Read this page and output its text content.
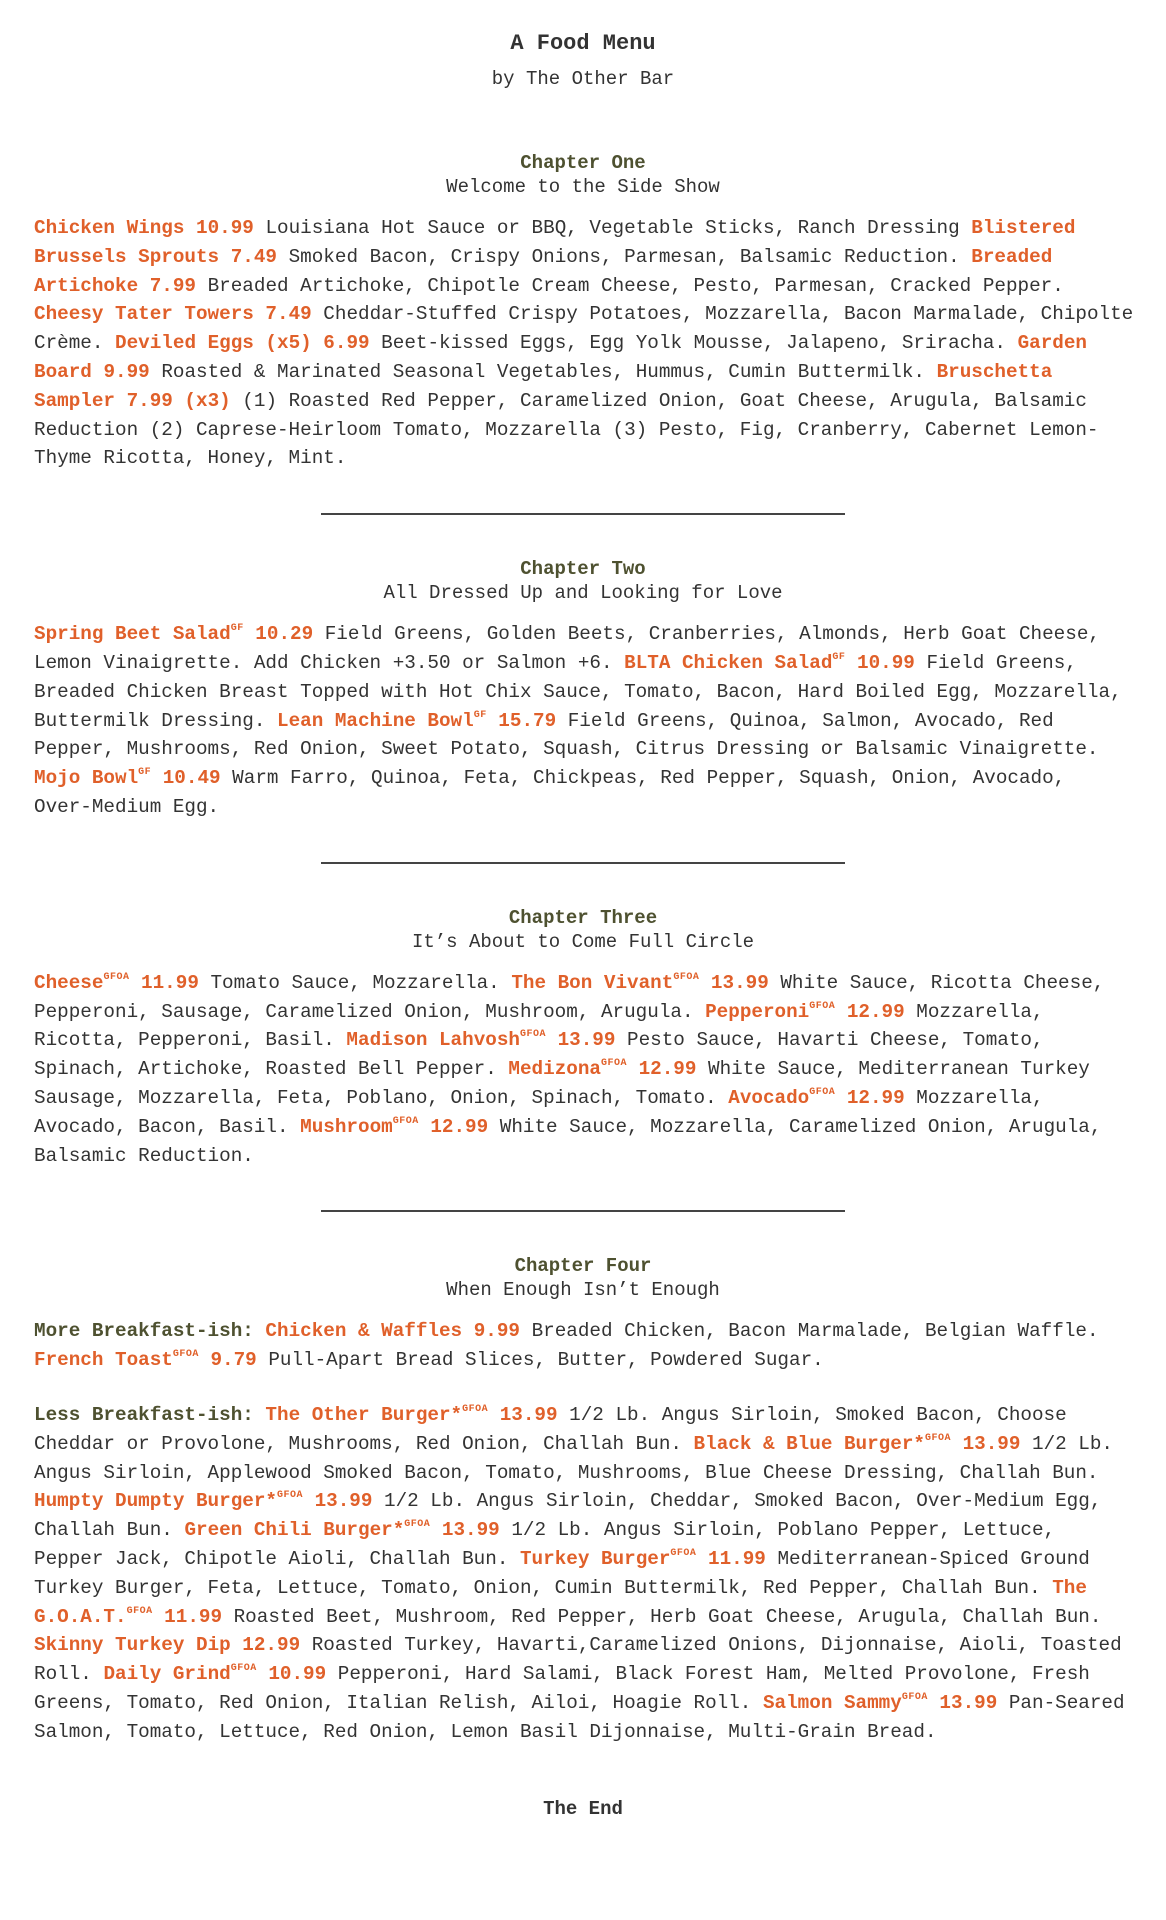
A Food Menu
by The Other Bar
Chapter One
Welcome to the Side Show

Chicken Wings 10.99 Louisiana Hot Sauce or BBQ, Vegetable Sticks, Ranch Dressing Blistered Brussels Sprouts 7.49 Smoked Bacon, Crispy Onions, Parmesan, Balsamic Reduction. Breaded Artichoke 7.99 Breaded Artichoke, Chipotle Cream Cheese, Pesto, Parmesan, Cracked Pepper. Cheesy Tater Towers 7.49 Cheddar-Stuffed Crispy Potatoes, Mozzarella, Bacon Marmalade, Chipolte Crème. Deviled Eggs (x5) 6.99 Beet-kissed Eggs, Egg Yolk Mousse, Jalapeno, Sriracha. Garden Board 9.99 Roasted & Marinated Seasonal Vegetables, Hummus, Cumin Buttermilk. Bruschetta Sampler 7.99 (x3) (1) Roasted Red Pepper, Caramelized Onion, Goat Cheese, Arugula, Balsamic Reduction (2) Caprese-Heirloom Tomato, Mozzarella (3) Pesto, Fig, Cranberry, Cabernet Lemon-Thyme Ricotta, Honey, Mint.

Chapter Two
All Dressed Up and Looking for Love

Spring Beet Salad$^{GF}$ 10.29 Field Greens, Golden Beets, Cranberries, Almonds, Herb Goat Cheese, Lemon Vinaigrette. Add Chicken +3.50 or Salmon +6. BLTA Chicken Salad$^{GF}$ 10.99 Field Greens, Breaded Chicken Breast Topped with Hot Chix Sauce, Tomato, Bacon, Hard Boiled Egg, Mozzarella, Buttermilk Dressing. Lean Machine Bowl$^{GF}$ 15.79 Field Greens, Quinoa, Salmon, Avocado, Red Pepper, Mushrooms, Red Onion, Sweet Potato, Squash, Citrus Dressing or Balsamic Vinaigrette. Mojo Bowl$^{GF}$ 10.49 Warm Farro, Quinoa, Feta, Chickpeas, Red Pepper, Squash, Onion, Avocado, Over-Medium Egg.

Chapter Three
It’s About to Come Full Circle

Cheese$^{GFOA}$ 11.99 Tomato Sauce, Mozzarella. The Bon Vivant$^{GFOA}$ 13.99 White Sauce, Ricotta Cheese, Pepperoni, Sausage, Caramelized Onion, Mushroom, Arugula. Pepperoni$^{GFOA}$ 12.99 Mozzarella, Ricotta, Pepperoni, Basil. Madison Lahvosh$^{GFOA}$ 13.99 Pesto Sauce, Havarti Cheese, Tomato, Spinach, Artichoke, Roasted Bell Pepper. Medizona$^{GFOA}$ 12.99 White Sauce, Mediterranean Turkey Sausage, Mozzarella, Feta, Poblano, Onion, Spinach, Tomato. Avocado$^{GFOA}$ 12.99 Mozzarella, Avocado, Bacon, Basil. Mushroom$^{GFOA}$ 12.99 White Sauce, Mozzarella, Caramelized Onion, Arugula, Balsamic Reduction.

Chapter Four
When Enough Isn’t Enough

More Breakfast-ish: Chicken & Waffles 9.99 Breaded Chicken, Bacon Marmalade, Belgian Waffle. French Toast$^{GFOA}$ 9.79 Pull-Apart Bread Slices, Butter, Powdered Sugar.

Less Breakfast-ish: The Other Burger*$^{GFOA}$ 13.99 1/2 Lb. Angus Sirloin, Smoked Bacon, Choose Cheddar or Provolone, Mushrooms, Red Onion, Challah Bun. Black & Blue Burger*$^{GFOA}$ 13.99 1/2 Lb. Angus Sirloin, Applewood Smoked Bacon, Tomato, Mushrooms, Blue Cheese Dressing, Challah Bun. Humpty Dumpty Burger*$^{GFOA}$ 13.99 1/2 Lb. Angus Sirloin, Cheddar, Smoked Bacon, Over-Medium Egg, Challah Bun. Green Chili Burger*$^{GFOA}$ 13.99 1/2 Lb. Angus Sirloin, Poblano Pepper, Lettuce, Pepper Jack, Chipotle Aioli, Challah Bun. Turkey Burger$^{GFOA}$ 11.99 Mediterranean-Spiced Ground Turkey Burger, Feta, Lettuce, Tomato, Onion, Cumin Buttermilk, Red Pepper, Challah Bun. The G.O.A.T.$^{GFOA}$ 11.99 Roasted Beet, Mushroom, Red Pepper, Herb Goat Cheese, Arugula, Challah Bun. Skinny Turkey Dip 12.99 Roasted Turkey, Havarti,Caramelized Onions, Dijonnaise, Aioli, Toasted Roll. Daily Grind$^{GFOA}$ 10.99 Pepperoni, Hard Salami, Black Forest Ham, Melted Provolone, Fresh Greens, Tomato, Red Onion, Italian Relish, Ailoi, Hoagie Roll. Salmon Sammy$^{GFOA}$ 13.99 Pan-Seared Salmon, Tomato, Lettuce, Red Onion, Lemon Basil Dijonnaise, Multi-Grain Bread.

The End
